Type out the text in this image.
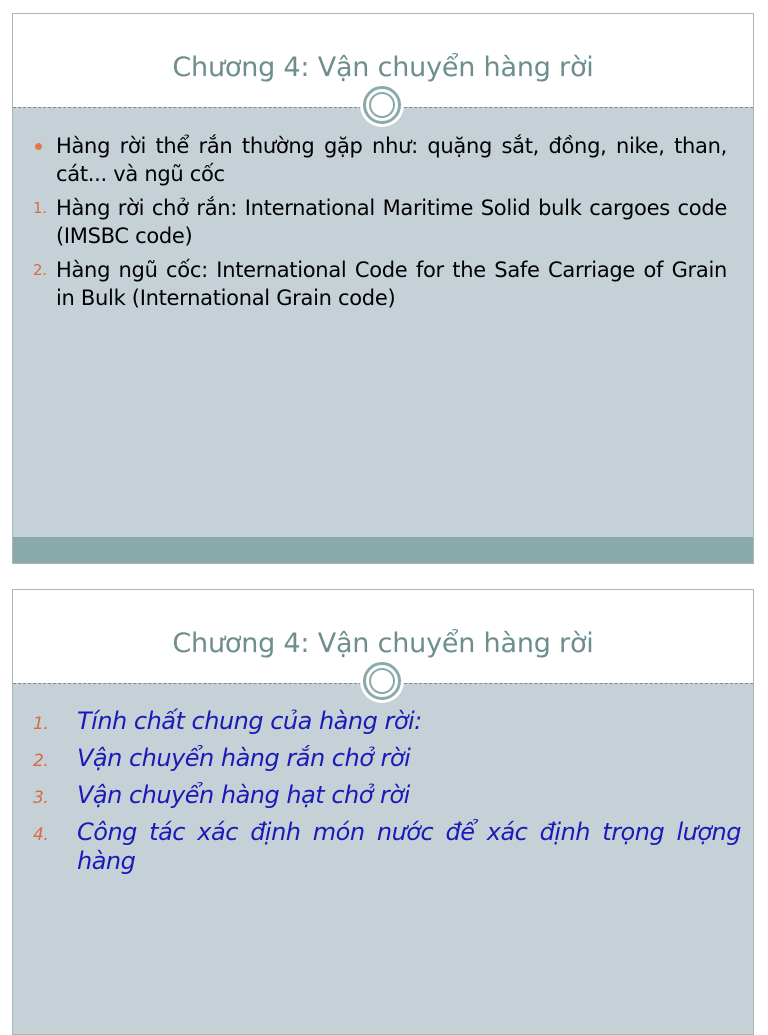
Chương 4: Vận chuyển hàng rời
Hàng rời thể rắn thường gặp như: quặng sắt, đồng, nike, than, cát... và ngũ cốc
1. Hàng rời chở rắn: International Maritime Solid bulk cargoes code (IMSBC code)
2. Hàng ngũ cốc: International Code for the Safe Carriage of Grain in Bulk (International Grain code)
Chương 4: Vận chuyển hàng rời
1. Tính chất chung của hàng rời:
2. Vận chuyển hàng rắn chở rời
3. Vận chuyển hàng hạt chở rời
4. Công tác xác định món nước để xác định trọng lượng hàng
